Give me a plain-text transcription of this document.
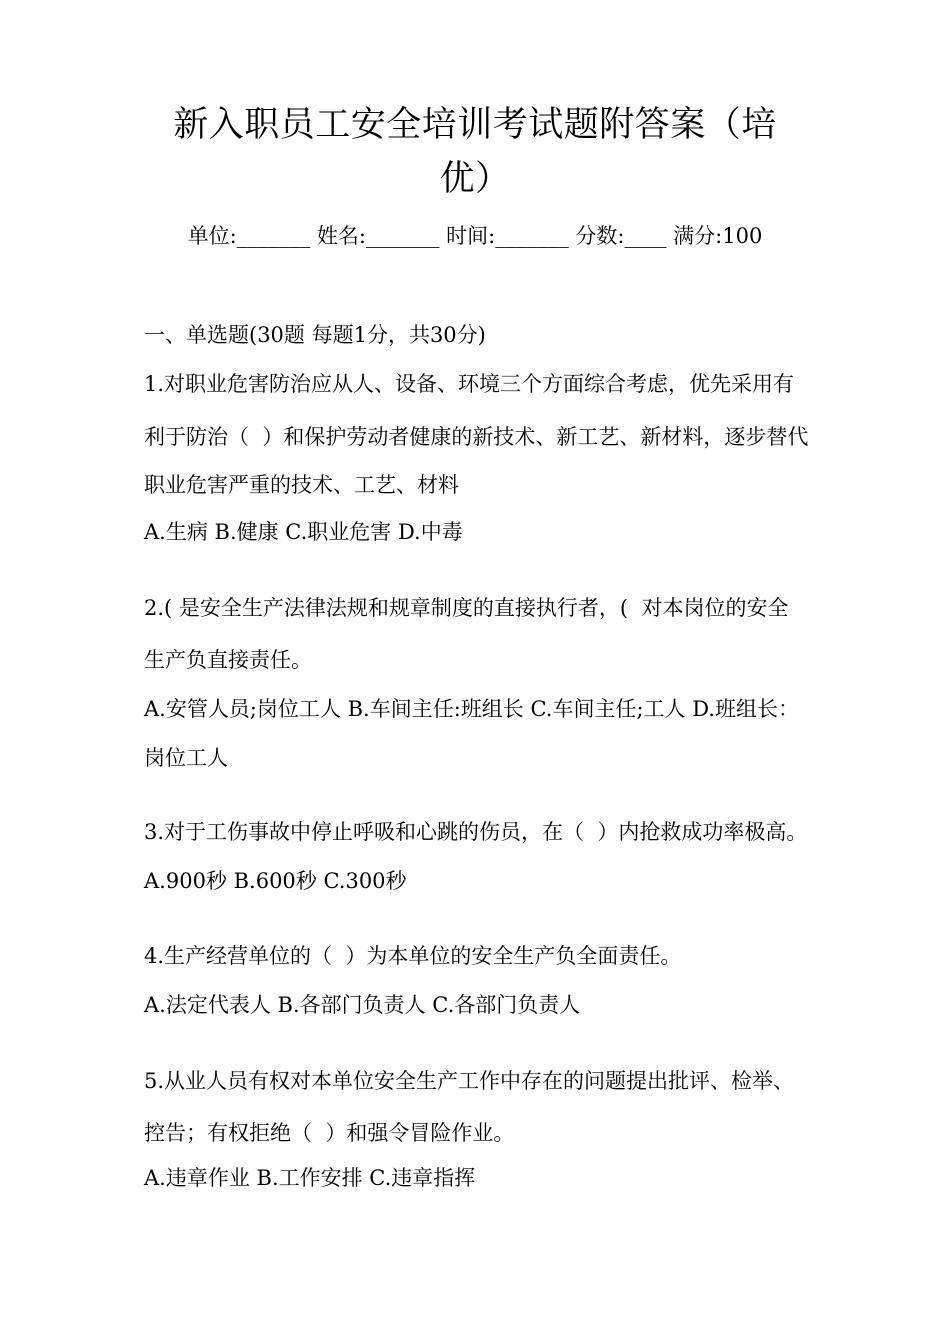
新入职员工安全培训考试题附答案（培
优）
单位:_______ 姓名:_______ 时间:_______ 分数:____ 满分:100
一、单选题(30题 每题1分，共30分)
1.对职业危害防治应从人、设备、环境三个方面综合考虑，优先采用有
利于防治（  ）和保护劳动者健康的新技术、新工艺、新材料，逐步替代
职业危害严重的技术、工艺、材料
A.生病 B.健康 C.职业危害 D.中毒
2.( 是安全生产法律法规和规章制度的直接执行者，(  对本岗位的安全
生产负直接责任。
A.安管人员;岗位工人 B.车间主任:班组长 C.车间主任;工人 D.班组长：
岗位工人
3.对于工伤事故中停止呼吸和心跳的伤员，在（  ）内抢救成功率极高。
A.900秒 B.600秒 C.300秒
4.生产经营单位的（  ）为本单位的安全生产负全面责任。
A.法定代表人 B.各部门负责人 C.各部门负责人
5.从业人员有权对本单位安全生产工作中存在的问题提出批评、检举、
控告；有权拒绝（  ）和强令冒险作业。
A.违章作业 B.工作安排 C.违章指挥
